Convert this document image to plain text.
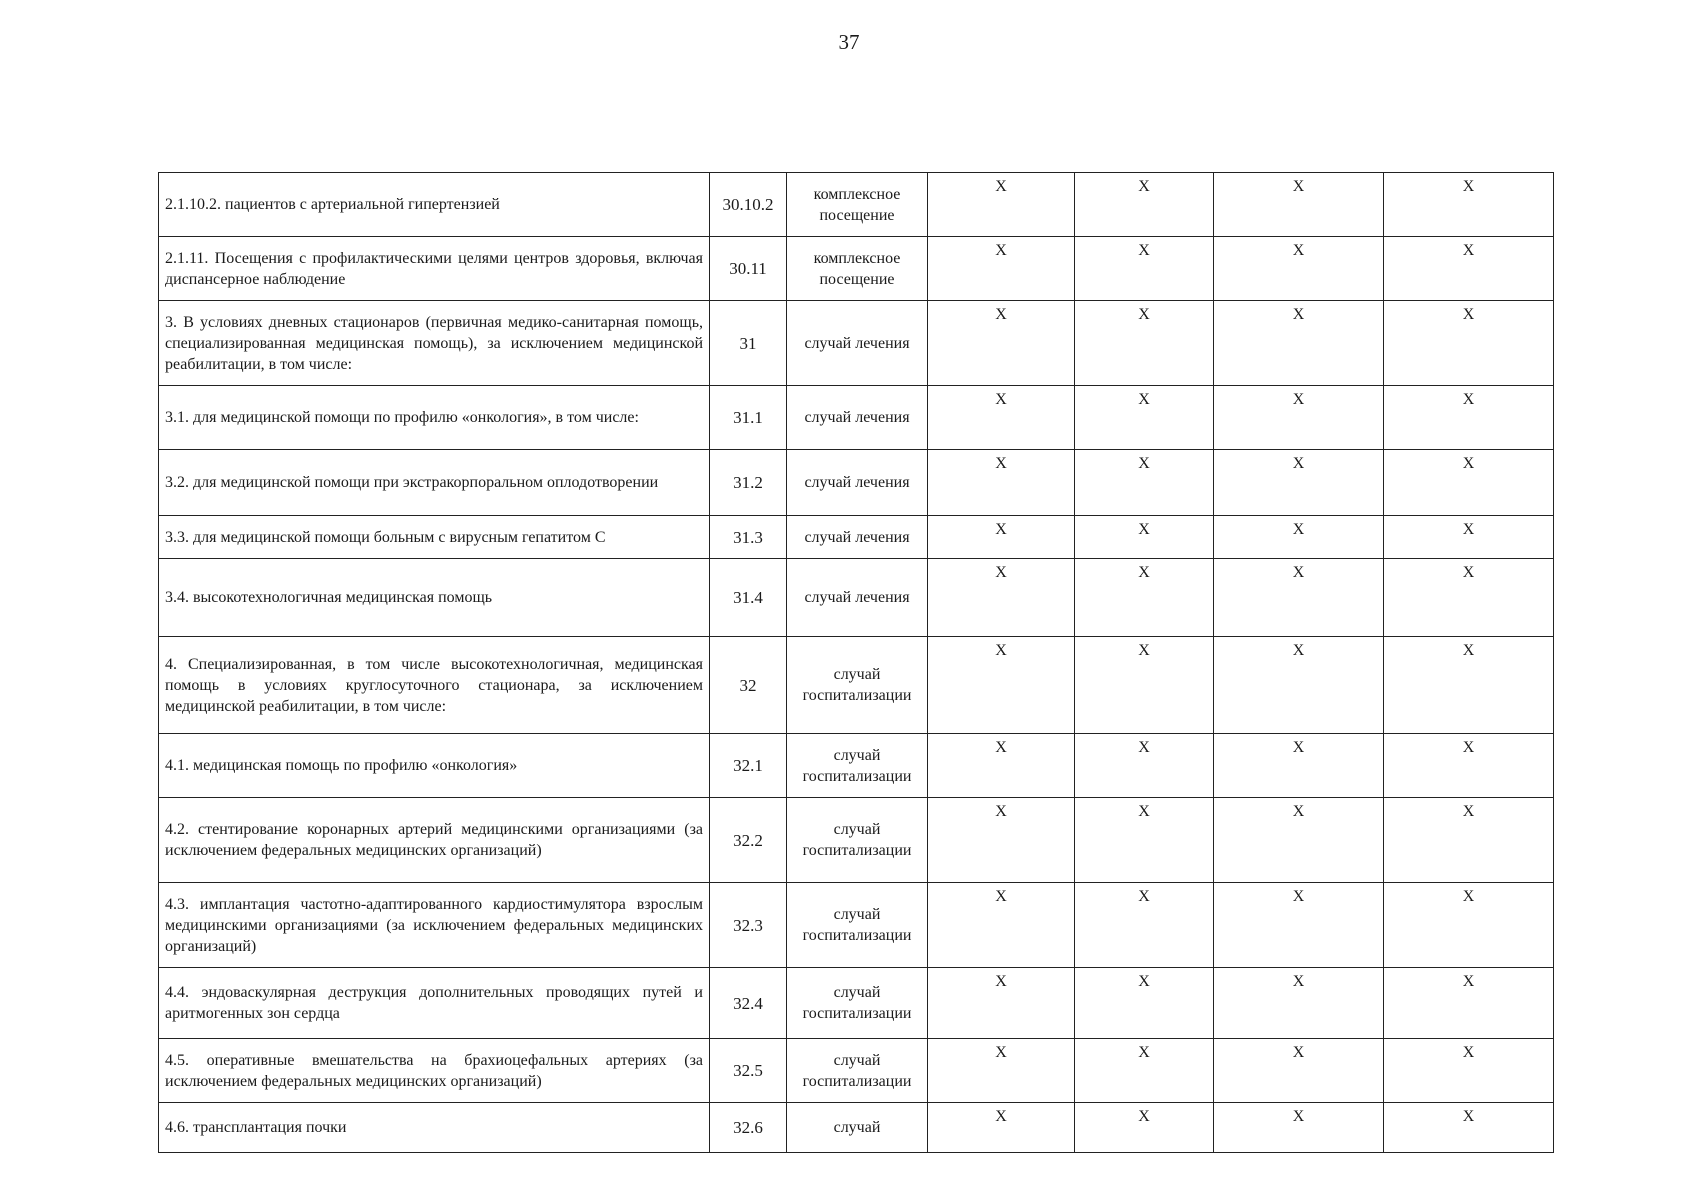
37
2.1.10.2. пациентов с артериальной гипертензией	30.10.2	комплексное посещение	Х	Х	Х	Х
2.1.11. Посещения с профилактическими целями центров здоровья, включая диспансерное наблюдение	30.11	комплексное посещение	Х	Х	Х	Х
3. В условиях дневных стационаров (первичная медико-санитарная помощь, специализированная медицинская помощь), за исключением медицинской реабилитации, в том числе:	31	случай лечения	Х	Х	Х	Х
3.1. для медицинской помощи по профилю «онкология», в том числе:	31.1	случай лечения	Х	Х	Х	Х
3.2. для медицинской помощи при экстракорпоральном оплодотворении	31.2	случай лечения	Х	Х	Х	Х
3.3. для медицинской помощи больным с вирусным гепатитом С	31.3	случай лечения	Х	Х	Х	Х
3.4. высокотехнологичная медицинская помощь	31.4	случай лечения	Х	Х	Х	Х
4. Специализированная, в том числе высокотехнологичная, медицинская помощь в условиях круглосуточного стационара, за исключением медицинской реабилитации, в том числе:	32	случай госпитализации	Х	Х	Х	Х
4.1. медицинская помощь по профилю «онкология»	32.1	случай госпитализации	Х	Х	Х	Х
4.2. стентирование коронарных артерий медицинскими организациями (за исключением федеральных медицинских организаций)	32.2	случай госпитализации	Х	Х	Х	Х
4.3. имплантация частотно-адаптированного кардиостимулятора взрослым медицинскими организациями (за исключением федеральных медицинских организаций)	32.3	случай госпитализации	Х	Х	Х	Х
4.4. эндоваскулярная деструкция дополнительных проводящих путей и аритмогенных зон сердца	32.4	случай госпитализации	Х	Х	Х	Х
4.5. оперативные вмешательства на брахиоцефальных артериях (за исключением федеральных медицинских организаций)	32.5	случай госпитализации	Х	Х	Х	Х
4.6. трансплантация почки	32.6	случай	Х	Х	Х	Х
